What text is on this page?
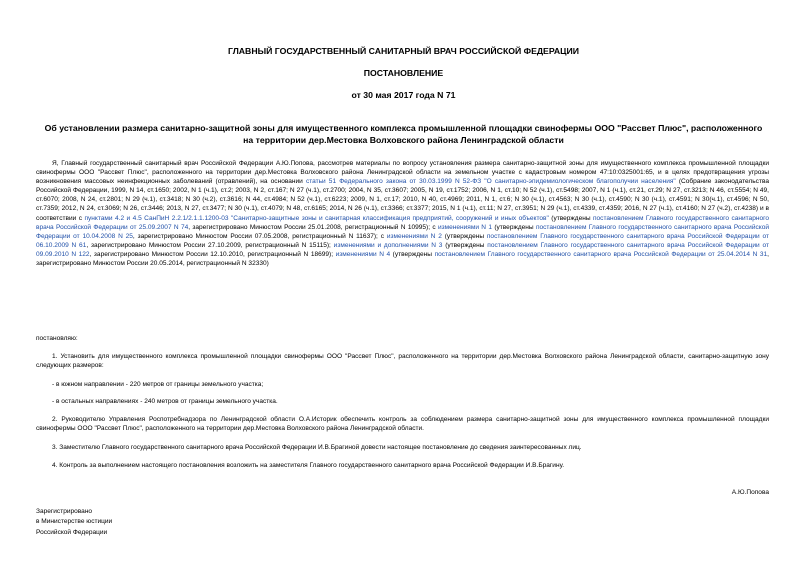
ГЛАВНЫЙ ГОСУДАРСТВЕННЫЙ САНИТАРНЫЙ ВРАЧ РОССИЙСКОЙ ФЕДЕРАЦИИ
ПОСТАНОВЛЕНИЕ
от 30 мая 2017 года N 71
Об установлении размера санитарно-защитной зоны для имущественного комплекса промышленной площадки свинофермы ООО "Рассвет Плюс", расположенного
на территории дер.Местовка Волховского района Ленинградской области
Я, Главный государственный санитарный врач Российской Федерации А.Ю.Попова, рассмотрев материалы по вопросу установления размера санитарно-защитной зоны для имущественного комплекса промышленной площадки свинофермы ООО "Рассвет Плюс", расположенного на территории дер.Местовка Волховского района Ленинградской области на земельном участке с кадастровым номером 47:10:0325001:65, и в целях предотвращения угрозы возникновения массовых неинфекционных заболеваний (отравлений), на основании статьи 51 Федерального закона от 30.03.1999 N 52-ФЗ "О санитарно-эпидемиологическом благополучии населения" (Собрание законодательства Российской Федерации, 1999, N 14, ст.1650; 2002, N 1 (ч.1), ст.2; 2003, N 2, ст.167; N 27 (ч.1), ст.2700; 2004, N 35, ст.3607; 2005, N 19, ст.1752; 2006, N 1, ст.10; N 52 (ч.1), ст.5498; 2007, N 1 (ч.1), ст.21, ст.29; N 27, ст.3213; N 46, ст.5554; N 49, ст.6070; 2008, N 24, ст.2801; N 29 (ч.1), ст.3418; N 30 (ч.2), ст.3616; N 44, ст.4984; N 52 (ч.1), ст.6223; 2009, N 1, ст.17; 2010, N 40, ст.4969; 2011, N 1, ст.6; N 30 (ч.1), ст.4563; N 30 (ч.1), ст.4590; N 30 (ч.1), ст.4591; N 30(ч.1), ст.4596; N 50, ст.7359; 2012, N 24, ст.3069; N 26, ст.3446; 2013, N 27, ст.3477; N 30 (ч.1), ст.4079; N 48, ст.6165; 2014, N 26 (ч.1), ст.3366; ст.3377; 2015, N 1 (ч.1), ст.11; N 27, ст.3951; N 29 (ч.1), ст.4339, ст.4359; 2016, N 27 (ч.1), ст.4160; N 27 (ч.2), ст.4238) и в соответствии с пунктами 4.2 и 4.5 СанПиН 2.2.1/2.1.1.1200-03 "Санитарно-защитные зоны и санитарная классификация предприятий, сооружений и иных объектов" (утверждены постановлением Главного государственного санитарного врача Российской Федерации от 25.09.2007 N 74, зарегистрировано Минюстом России 25.01.2008, регистрационный N 10995); с изменениями N 1 (утверждены постановлением Главного государственного санитарного врача Российской Федерации от 10.04.2008 N 25, зарегистрировано Минюстом России 07.05.2008, регистрационный N 11637); с изменениями N 2 (утверждены постановлением Главного государственного санитарного врача Российской Федерации от 06.10.2009 N 61, зарегистрировано Минюстом России 27.10.2009, регистрационный N 15115); изменениями и дополнениями N 3 (утверждены постановлением Главного государственного санитарного врача Российской Федерации от 09.09.2010 N 122, зарегистрировано Минюстом России 12.10.2010, регистрационный N 18699); изменениями N 4 (утверждены постановлением Главного государственного санитарного врача Российской Федерации от 25.04.2014 N 31, зарегистрировано Минюстом России 20.05.2014, регистрационный N 32330)
постановляю:
1. Установить для имущественного комплекса промышленной площадки свинофермы ООО "Рассвет Плюс", расположенного на территории дер.Местовка Волховского района Ленинградской области, санитарно-защитную зону следующих размеров:
- в южном направлении - 220 метров от границы земельного участка;
- в остальных направлениях - 240 метров от границы земельного участка.
2. Руководителю Управления Роспотребнадзора по Ленинградской области О.А.Историк обеспечить контроль за соблюдением размера санитарно-защитной зоны для имущественного комплекса промышленной площадки свинофермы ООО "Рассвет Плюс", расположенного на территории дер.Местовка Волховского района Ленинградской области.
3. Заместителю Главного государственного санитарного врача Российской Федерации И.В.Брагиной довести настоящее постановление до сведения заинтересованных лиц.
4. Контроль за выполнением настоящего постановления возложить на заместителя Главного государственного санитарного врача Российской Федерации И.В.Брагину.
А.Ю.Попова
Зарегистрировано
в Министерстве юстиции
Российской Федерации
